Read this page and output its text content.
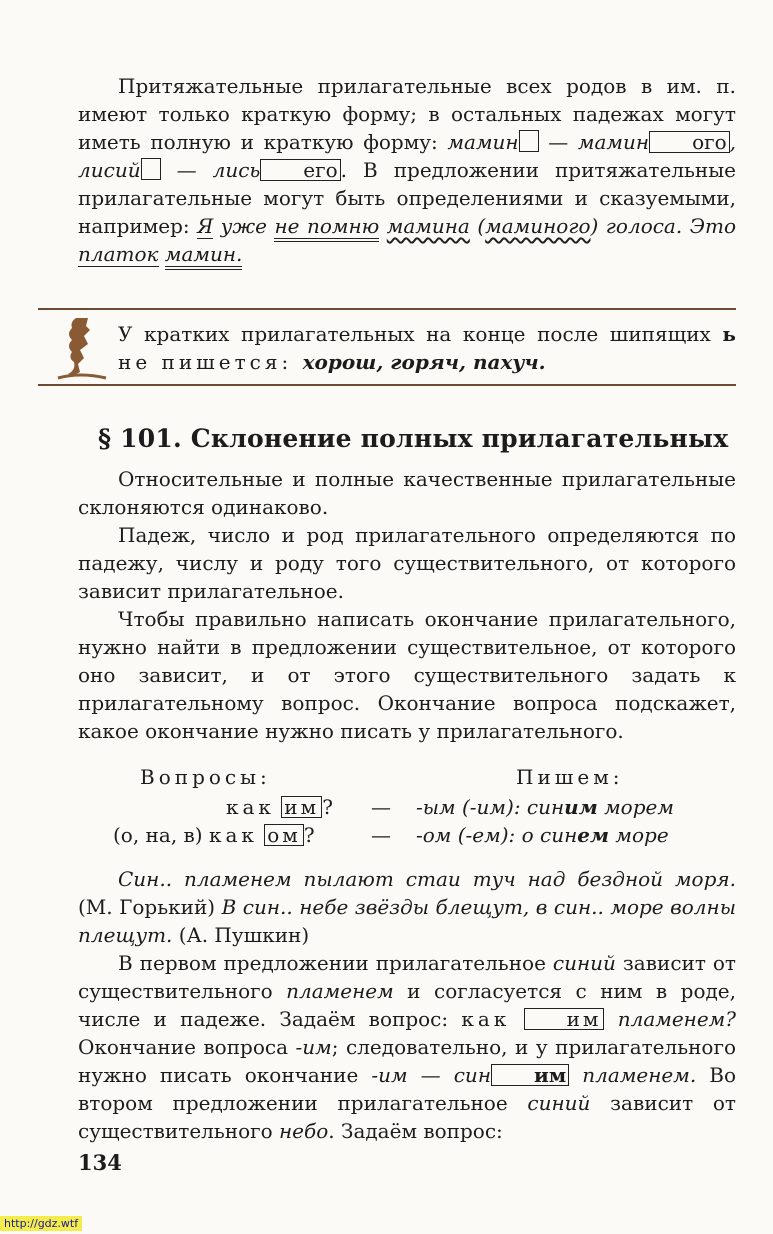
Притяжательные прилагательные всех родов в им. п. имеют только краткую форму; в остальных падежах могут иметь полную и краткую форму: мамин — мамин ого , лисий — лись его . В предложении притяжательные прилагательные могут быть определениями и сказуемыми, например: Я уже не помню мамина (маминого) голоса. Это платок мамин.

У кратких прилагательных на конце после шипящих ь не пишется: хорош, горяч, пахуч.

§ 101. Склонение полных прилагательных

Относительные и полные качественные прилагательные склоняются одинаково.

Падеж, число и род прилагательного определяются по падежу, числу и роду того существительного, от которого зависит прилагательное.

Чтобы правильно написать окончание прилагательного, нужно найти в предложении существительное, от которого оно зависит, и от этого существительного задать к прилагательному вопрос. Окончание вопроса подскажет, какое окончание нужно писать у прилагательного.

Вопросы:	Пишем:
как им ? — -ым (-им): синим морем
(о, на, в) как ом ?	— -ом (-ем): о синем море

Син.. пламенем пылают стаи туч над бездной моря. (М. Горький) В син.. небе звёзды блещут, в син.. море волны плещут. (А. Пушкин)

В первом предложении прилагательное синий зависит от существительного пламенем и согласуется с ним в роде, числе и падеже. Задаём вопрос: как	им пламенем? Окончание вопроса -им; следовательно, и у прилагательного нужно писать окончание -им — син им пламенем. Во втором предложении прилагательное синий зависит от существительного небо. Задаём вопрос:

134
http://gdz.wtf
